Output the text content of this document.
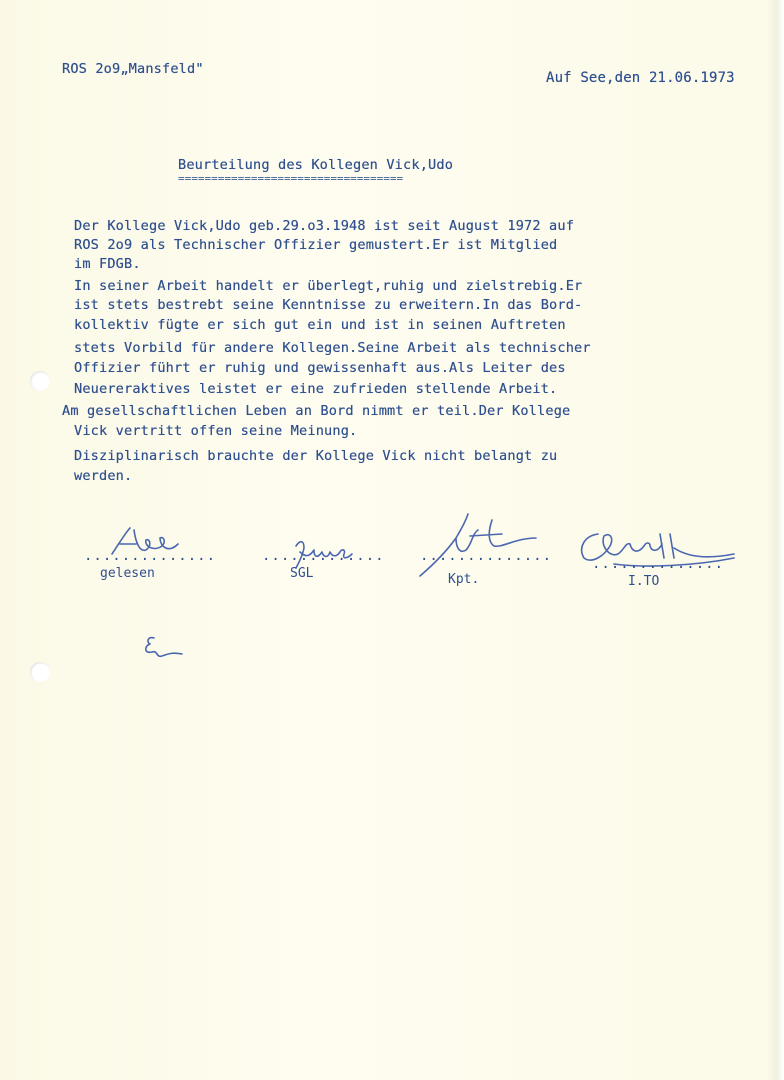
ROS 2o9„Mansfeld"
Auf See,den 21.06.1973
Beurteilung des Kollegen Vick,Udo
==================================
Der Kollege Vick,Udo geb.29.o3.1948 ist seit August 1972 auf
ROS 2o9 als Technischer Offizier gemustert.Er ist Mitglied
im FDGB.
In seiner Arbeit handelt er überlegt,ruhig und zielstrebig.Er
ist stets bestrebt seine Kenntnisse zu erweitern.In das Bord-
kollektiv fügte er sich gut ein und ist in seinen Auftreten
stets Vorbild für andere Kollegen.Seine Arbeit als technischer
Offizier führt er ruhig und gewissenhaft aus.Als Leiter des
Neuereraktives leistet er eine zufrieden stellende Arbeit.
Am gesellschaftlichen Leben an Bord nimmt er teil.Der Kollege
Vick vertritt offen seine Meinung.
Disziplinarisch brauchte der Kollege Vick nicht belangt zu
werden.
..............
gelesen
.............
SGL
..............
Kpt.
..............
I.TO
